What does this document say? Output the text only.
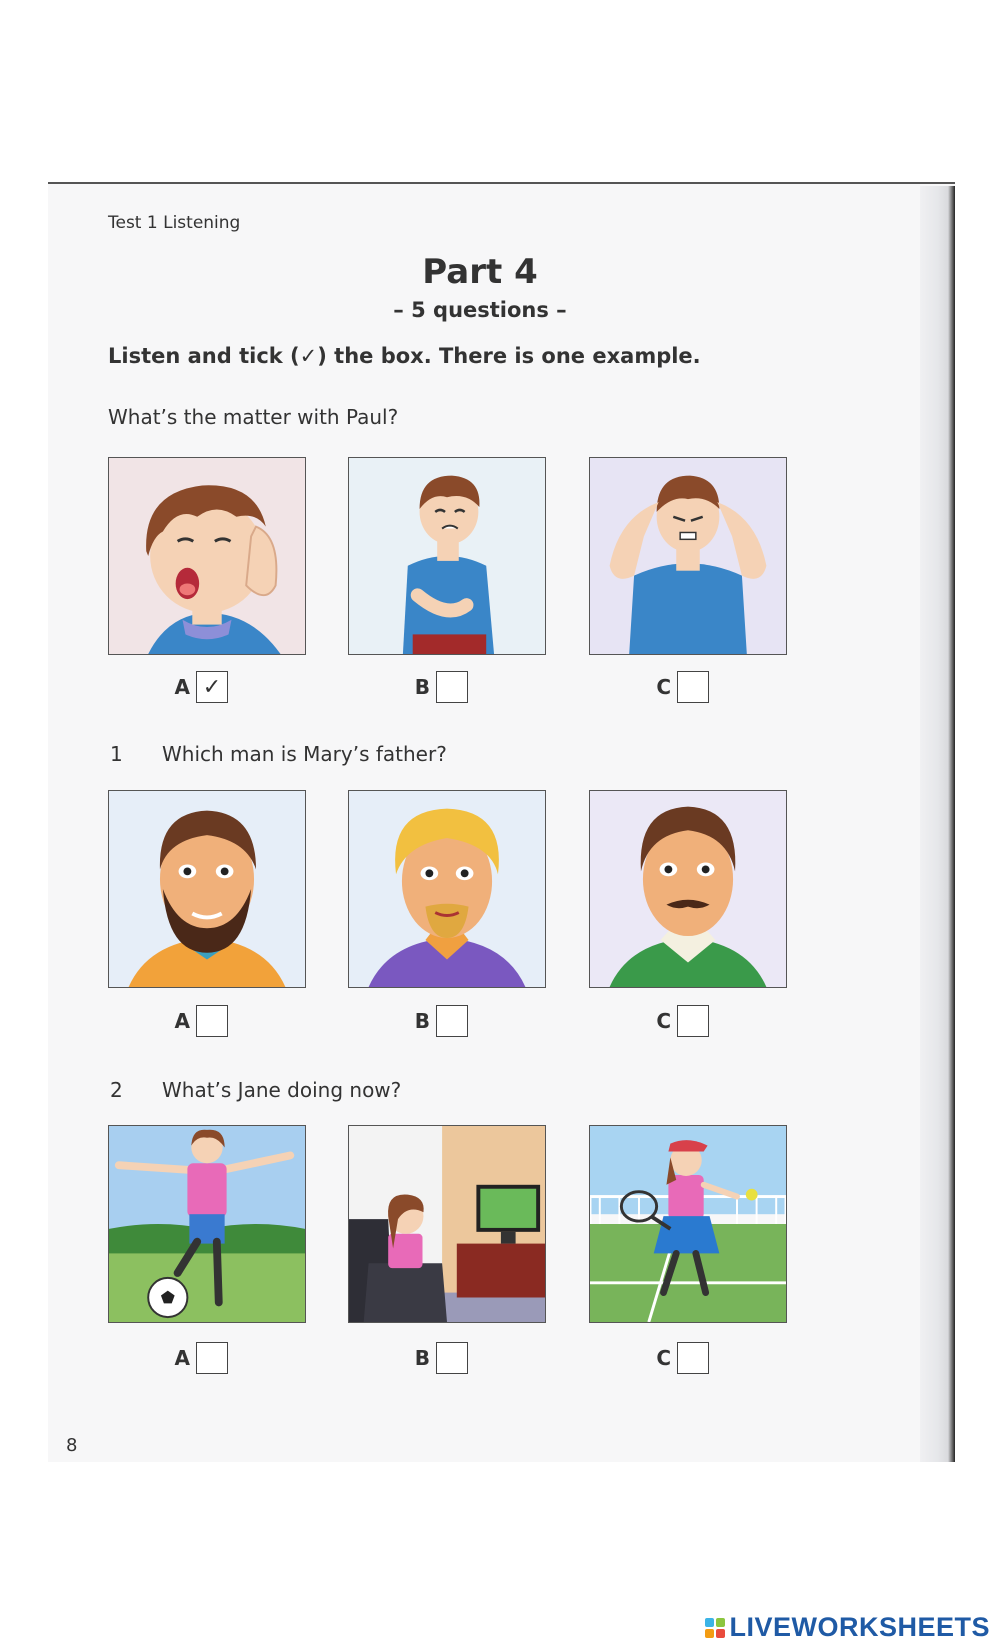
Test 1 Listening
Part 4
– 5 questions –
Listen and tick (✓) the box. There is one example.
What’s the matter with Paul?
A ✓	B	C
1 Which man is Mary’s father?
A	B	C
2 What’s Jane doing now?
A	B	C
8
LIVEWORKSHEETS
